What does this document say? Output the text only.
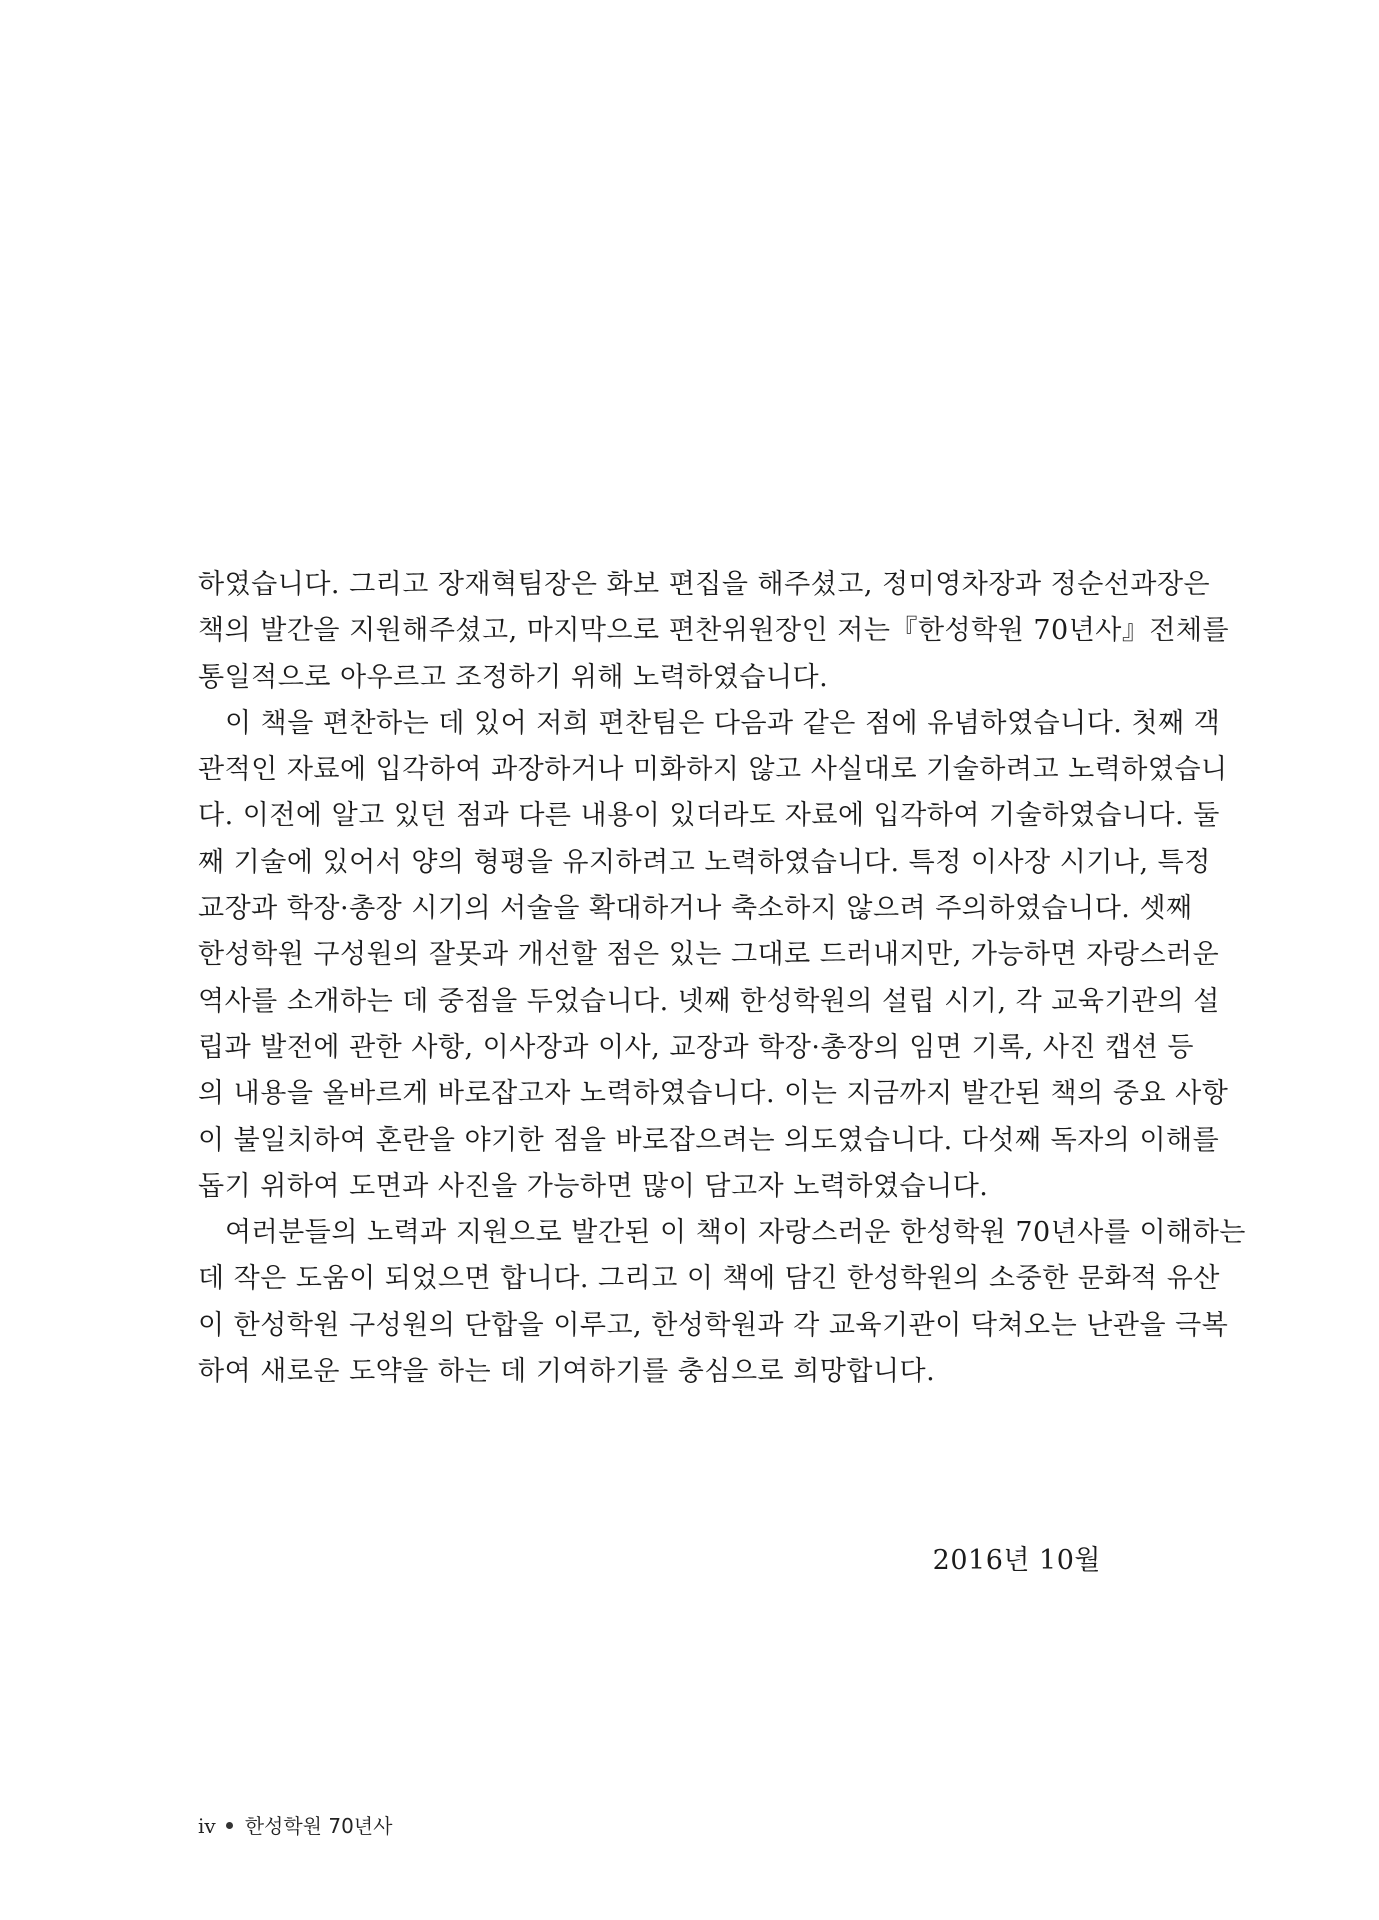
하였습니다. 그리고 장재혁팀장은 화보 편집을 해주셨고, 정미영차장과 정순선과장은
책의 발간을 지원해주셨고, 마지막으로 편찬위원장인 저는『한성학원 70년사』전체를
통일적으로 아우르고 조정하기 위해 노력하였습니다.

이 책을 편찬하는 데 있어 저희 편찬팀은 다음과 같은 점에 유념하였습니다. 첫째 객
관적인 자료에 입각하여 과장하거나 미화하지 않고 사실대로 기술하려고 노력하였습니
다. 이전에 알고 있던 점과 다른 내용이 있더라도 자료에 입각하여 기술하였습니다. 둘
째 기술에 있어서 양의 형평을 유지하려고 노력하였습니다. 특정 이사장 시기나, 특정
교장과 학장·총장 시기의 서술을 확대하거나 축소하지 않으려 주의하였습니다. 셋째
한성학원 구성원의 잘못과 개선할 점은 있는 그대로 드러내지만, 가능하면 자랑스러운
역사를 소개하는 데 중점을 두었습니다. 넷째 한성학원의 설립 시기, 각 교육기관의 설
립과 발전에 관한 사항, 이사장과 이사, 교장과 학장·총장의 임면 기록, 사진 캡션 등
의 내용을 올바르게 바로잡고자 노력하였습니다. 이는 지금까지 발간된 책의 중요 사항
이 불일치하여 혼란을 야기한 점을 바로잡으려는 의도였습니다. 다섯째 독자의 이해를
돕기 위하여 도면과 사진을 가능하면 많이 담고자 노력하였습니다.

여러분들의 노력과 지원으로 발간된 이 책이 자랑스러운 한성학원 70년사를 이해하는
데 작은 도움이 되었으면 합니다. 그리고 이 책에 담긴 한성학원의 소중한 문화적 유산
이 한성학원 구성원의 단합을 이루고, 한성학원과 각 교육기관이 닥쳐오는 난관을 극복
하여 새로운 도약을 하는 데 기여하기를 충심으로 희망합니다.

2016년 10월
iv 한성학원 70년사
